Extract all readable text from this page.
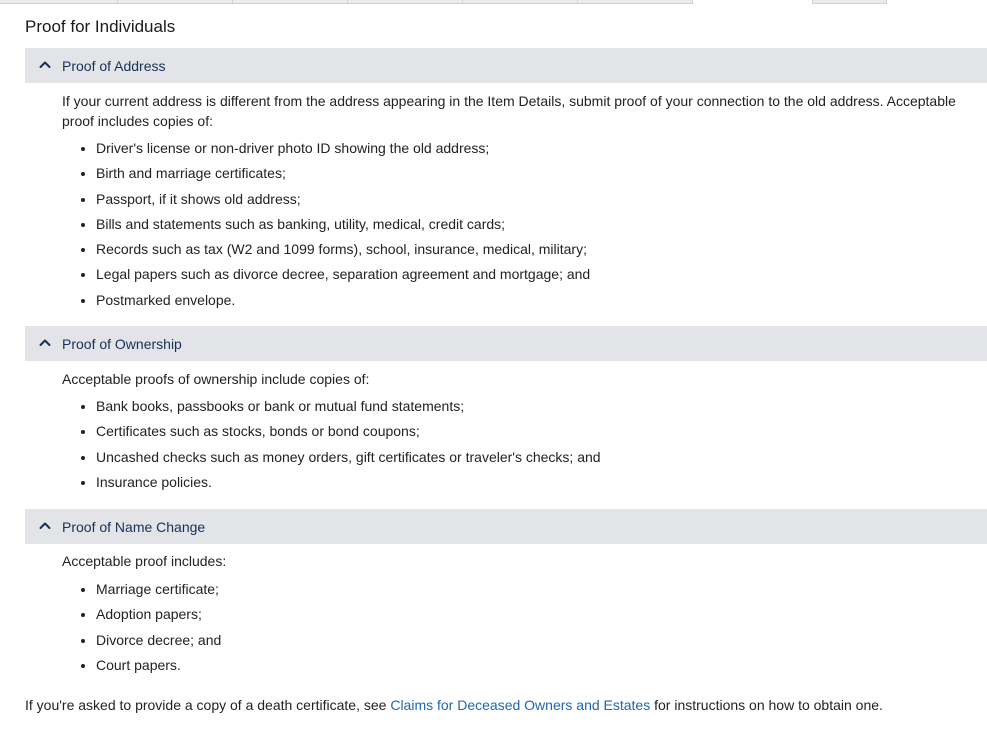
Proof for Individuals
Proof of Address

If your current address is different from the address appearing in the Item Details, submit proof of your connection to the old address. Acceptable proof includes copies of:

• Driver's license or non-driver photo ID showing the old address;
• Birth and marriage certificates;
• Passport, if it shows old address;
• Bills and statements such as banking, utility, medical, credit cards;
• Records such as tax (W2 and 1099 forms), school, insurance, medical, military;
• Legal papers such as divorce decree, separation agreement and mortgage; and
• Postmarked envelope.
Proof of Ownership

Acceptable proofs of ownership include copies of:

• Bank books, passbooks or bank or mutual fund statements;
• Certificates such as stocks, bonds or bond coupons;
• Uncashed checks such as money orders, gift certificates or traveler's checks; and
• Insurance policies.
Proof of Name Change

Acceptable proof includes:

• Marriage certificate;
• Adoption papers;
• Divorce decree; and
• Court papers.

If you're asked to provide a copy of a death certificate, see Claims for Deceased Owners and Estates for instructions on how to obtain one.
